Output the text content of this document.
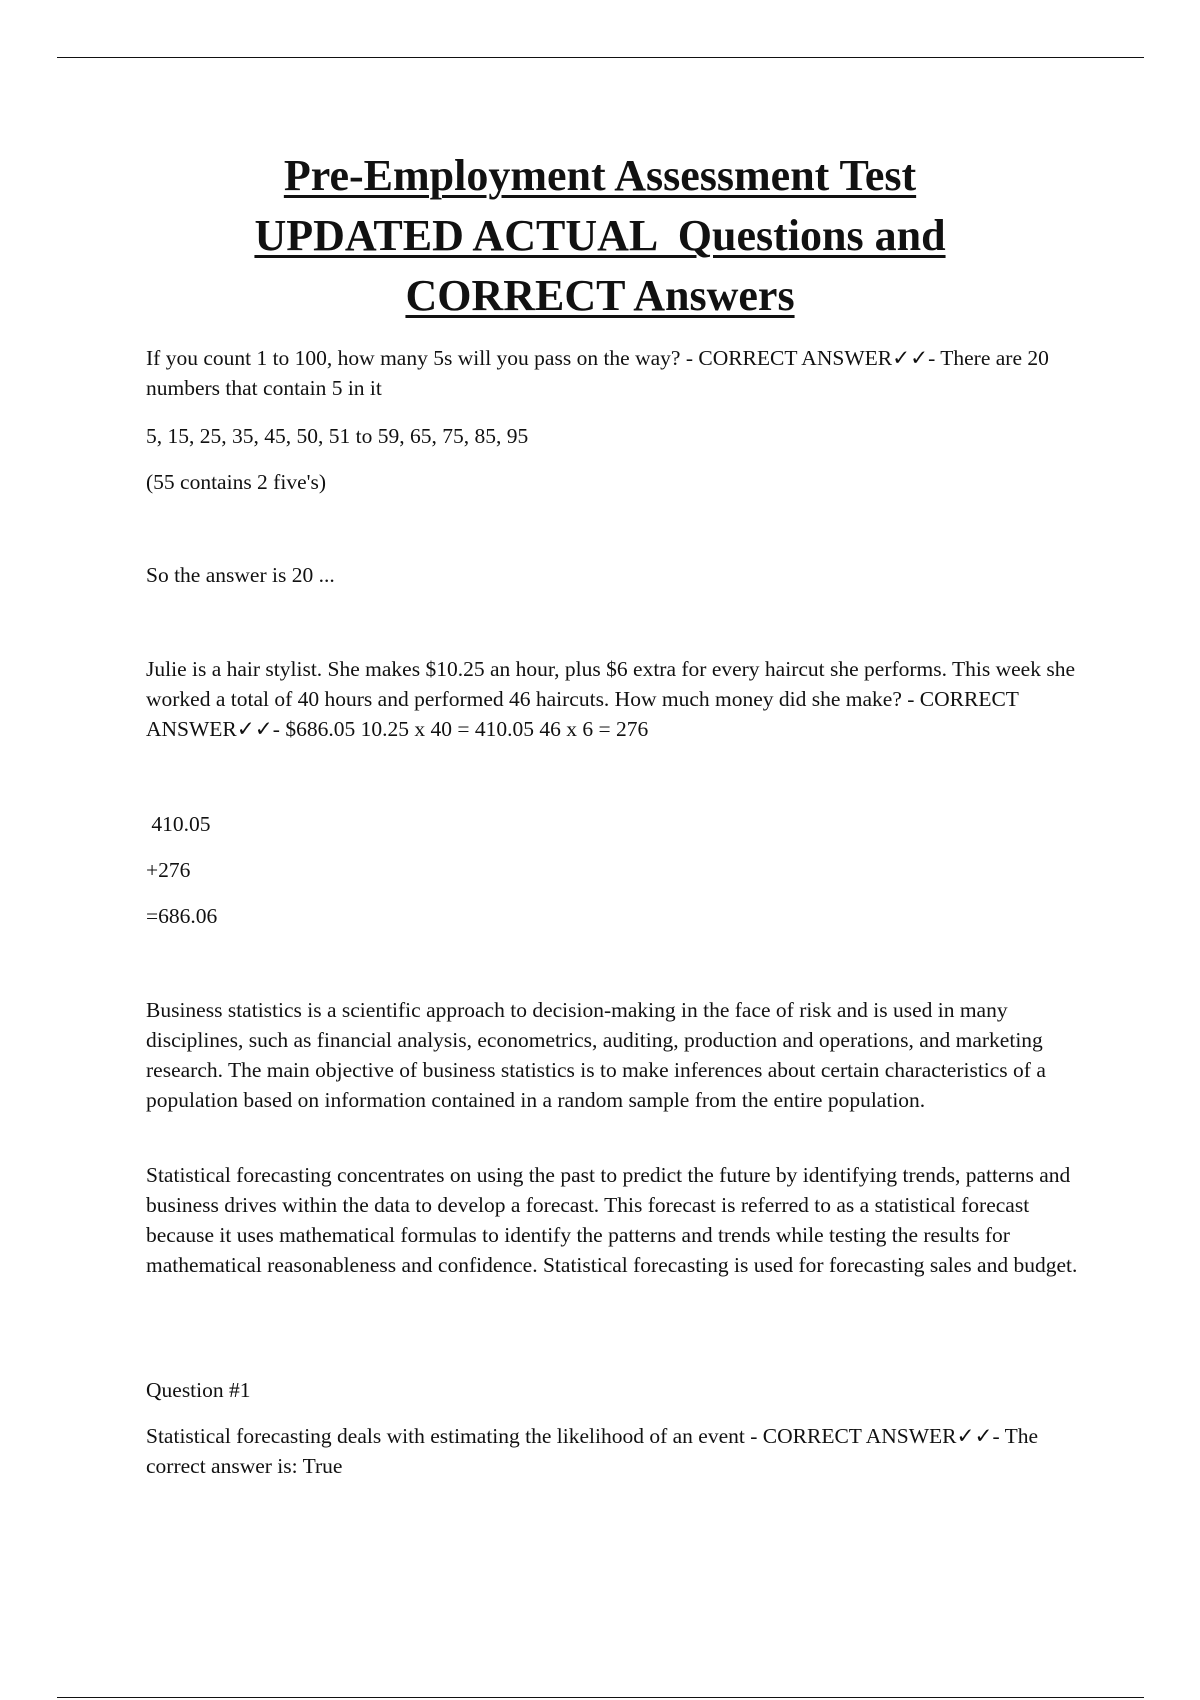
Pre-Employment Assessment Test
UPDATED ACTUAL  Questions and
CORRECT Answers

If you count 1 to 100, how many 5s will you pass on the way? - CORRECT ANSWER✓✓- There are 20 numbers that contain 5 in it

5, 15, 25, 35, 45, 50, 51 to 59, 65, 75, 85, 95

(55 contains 2 five's)

So the answer is 20 ...

Julie is a hair stylist. She makes $10.25 an hour, plus $6 extra for every haircut she performs. This week she worked a total of 40 hours and performed 46 haircuts. How much money did she make? - CORRECT ANSWER✓✓- $686.05 10.25 x 40 = 410.05 46 x 6 = 276

410.05

+276

=686.06

Business statistics is a scientific approach to decision-making in the face of risk and is used in many disciplines, such as financial analysis, econometrics, auditing, production and operations, and marketing research. The main objective of business statistics is to make inferences about certain characteristics of a population based on information contained in a random sample from the entire population.

Statistical forecasting concentrates on using the past to predict the future by identifying trends, patterns and business drives within the data to develop a forecast. This forecast is referred to as a statistical forecast because it uses mathematical formulas to identify the patterns and trends while testing the results for mathematical reasonableness and confidence. Statistical forecasting is used for forecasting sales and budget.

Question #1

Statistical forecasting deals with estimating the likelihood of an event - CORRECT ANSWER✓✓- The correct answer is: True
